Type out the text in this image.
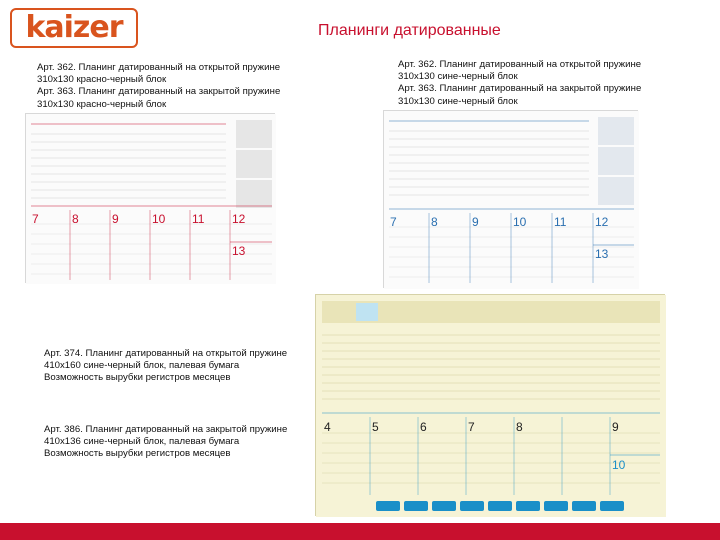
kaizer	Планинги датированные
Арт. 362. Планинг датированный на открытой пружине
310x130 красно-черный блок
Арт. 363. Планинг датированный на закрытой пружине
310x130 красно-черный блок
Арт. 362. Планинг датированный на открытой пружине
310x130 сине-черный блок
Арт. 363. Планинг датированный на закрытой пружине
310x130 сине-черный блок
Арт. 374. Планинг датированный на открытой пружине
410x160 сине-черный блок, палевая бумага
Возможность вырубки регистров месяцев
Арт. 386. Планинг датированный на закрытой пружине
410x136 сине-черный блок, палевая бумага
Возможность вырубки регистров месяцев
7	8	9	10 11 12
13
7	8	9	10 11 12
13
4	5	6	7	8	9
10
